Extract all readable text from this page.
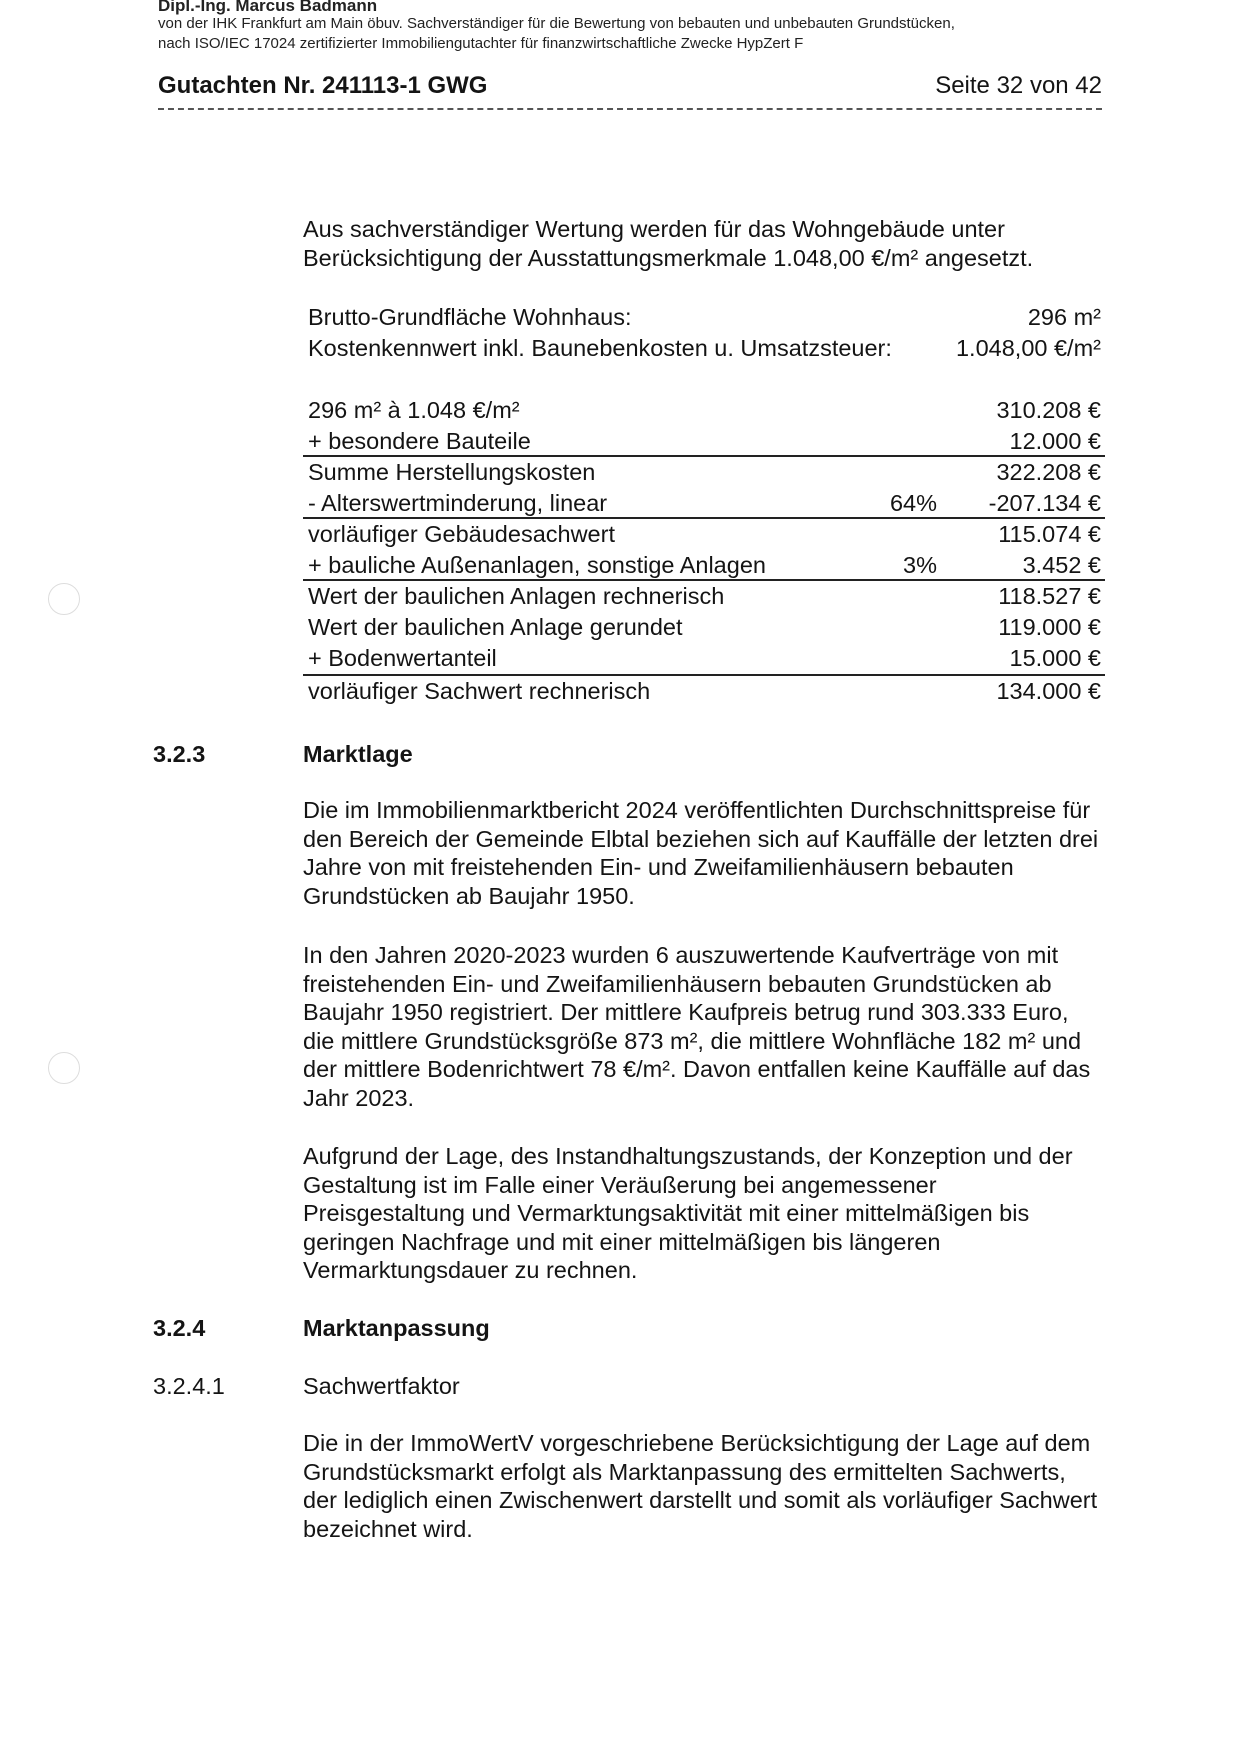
Dipl.-Ing. Marcus Badmann
von der IHK Frankfurt am Main öbuv. Sachverständiger für die Bewertung von bebauten und unbebauten Grundstücken,
nach ISO/IEC 17024 zertifizierter Immobiliengutachter für finanzwirtschaftliche Zwecke HypZert F
Gutachten Nr. 241113-1 GWG	Seite 32 von 42
Aus sachverständiger Wertung werden für das Wohngebäude unter Berücksichtigung der Ausstattungsmerkmale 1.048,00 €/m² angesetzt.
Brutto-Grundfläche Wohnhaus:	296 m²
Kostenkennwert inkl. Baunebenkosten u. Umsatzsteuer:	1.048,00 €/m²
296 m² à 1.048 €/m²	310.208 €
+ besondere Bauteile	12.000 €
Summe Herstellungskosten	322.208 €
- Alterswertminderung, linear	64% -207.134 €
vorläufiger Gebäudesachwert	115.074 €
+ bauliche Außenanlagen, sonstige Anlagen	3%	3.452 €
Wert der baulichen Anlagen rechnerisch	118.527 €
Wert der baulichen Anlage gerundet	119.000 €
+ Bodenwertanteil	15.000 €
vorläufiger Sachwert rechnerisch	134.000 €
3.2.3	Marktlage
Die im Immobilienmarktbericht 2024 veröffentlichten Durchschnittspreise für den Bereich der Gemeinde Elbtal beziehen sich auf Kauffälle der letzten drei Jahre von mit freistehenden Ein- und Zweifamilienhäusern bebauten Grundstücken ab Baujahr 1950.
In den Jahren 2020-2023 wurden 6 auszuwertende Kaufverträge von mit freistehenden Ein- und Zweifamilienhäusern bebauten Grundstücken ab Baujahr 1950 registriert. Der mittlere Kaufpreis betrug rund 303.333 Euro, die mittlere Grundstücksgröße 873 m², die mittlere Wohnfläche 182 m² und der mittlere Bodenrichtwert 78 €/m². Davon entfallen keine Kauffälle auf das Jahr 2023.
Aufgrund der Lage, des Instandhaltungszustands, der Konzeption und der Gestaltung ist im Falle einer Veräußerung bei angemessener Preisgestaltung und Vermarktungsaktivität mit einer mittelmäßigen bis geringen Nachfrage und mit einer mittelmäßigen bis längeren Vermarktungsdauer zu rechnen.
3.2.4	Marktanpassung
3.2.4.1	Sachwertfaktor
Die in der ImmoWertV vorgeschriebene Berücksichtigung der Lage auf dem Grundstücksmarkt erfolgt als Marktanpassung des ermittelten Sachwerts, der lediglich einen Zwischenwert darstellt und somit als vorläufiger Sachwert bezeichnet wird.
